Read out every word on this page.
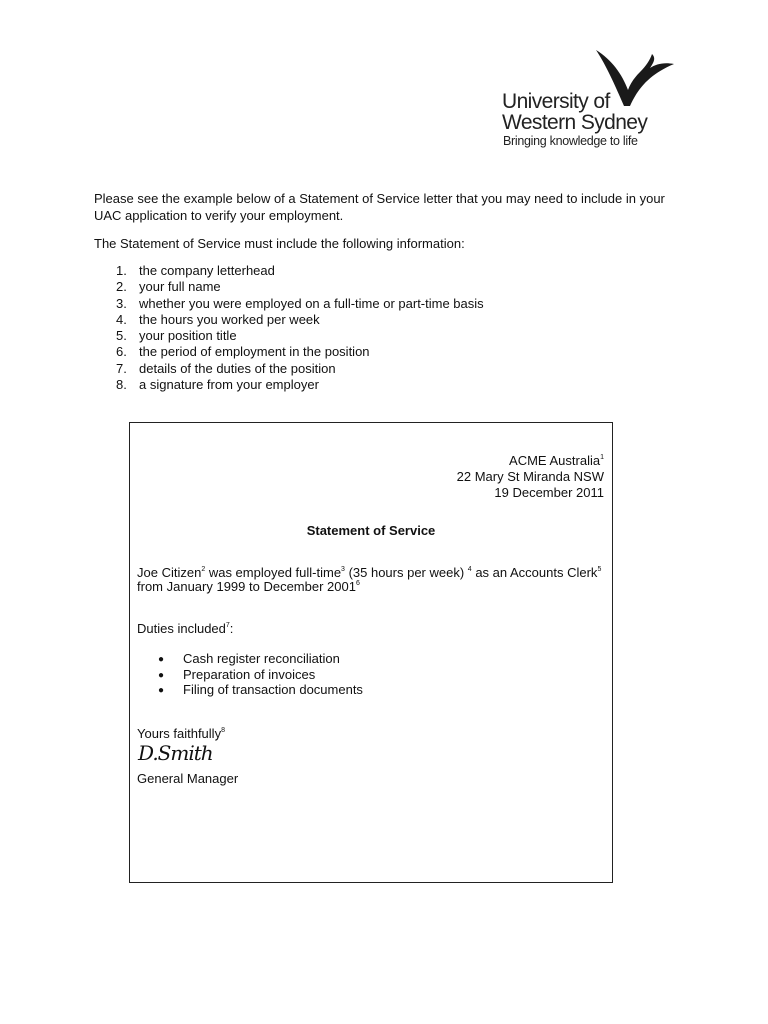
University of
Western Sydney
Bringing knowledge to life
Please see the example below of a Statement of Service letter that you may need to include in your
UAC application to verify your employment.
The Statement of Service must include the following information:
1. the company letterhead
2. your full name
3. whether you were employed on a full-time or part-time basis
4. the hours you worked per week
5. your position title
6. the period of employment in the position
7. details of the duties of the position
8. a signature from your employer
ACME Australia$^1$
22 Mary St Miranda NSW
19 December 2011
Statement of Service
Joe Citizen$^2$ was employed full-time$^3$ (35 hours per week) $^4$ as an Accounts Clerk$^5$
from January 1999 to December 2001$^6$
Duties included$^7$:
● Cash register reconciliation
● Preparation of invoices
● Filing of transaction documents
Yours faithfully$^8$
D.Smith
General Manager
